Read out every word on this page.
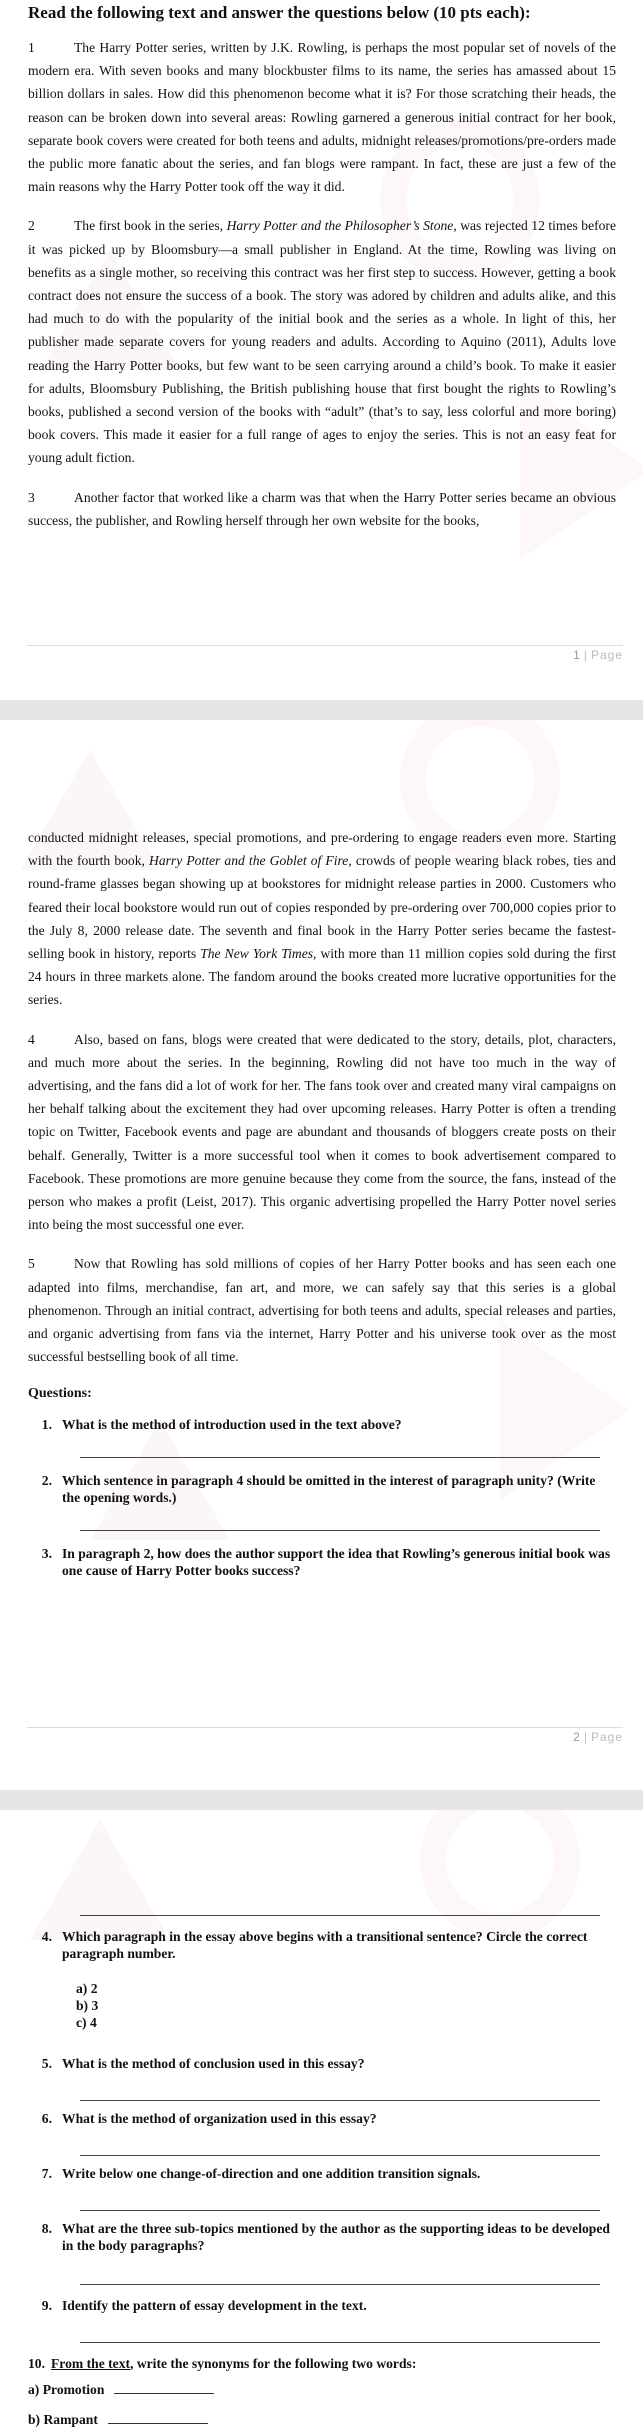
Read the following text and answer the questions below (10 pts each):
1	The Harry Potter series, written by J.K. Rowling, is perhaps the most popular set of novels of the modern era. With seven books and many blockbuster films to its name, the series has amassed about 15 billion dollars in sales. How did this phenomenon become what it is? For those scratching their heads, the reason can be broken down into several areas: Rowling garnered a generous initial contract for her book, separate book covers were created for both teens and adults, midnight releases/promotions/pre-orders made the public more fanatic about the series, and fan blogs were rampant. In fact, these are just a few of the main reasons why the Harry Potter took off the way it did.
2	The first book in the series, Harry Potter and the Philosopher’s Stone, was rejected 12 times before it was picked up by Bloomsbury—a small publisher in England. At the time, Rowling was living on benefits as a single mother, so receiving this contract was her first step to success. However, getting a book contract does not ensure the success of a book. The story was adored by children and adults alike, and this had much to do with the popularity of the initial book and the series as a whole. In light of this, her publisher made separate covers for young readers and adults. According to Aquino (2011), Adults love reading the Harry Potter books, but few want to be seen carrying around a child’s book. To make it easier for adults, Bloomsbury Publishing, the British publishing house that first bought the rights to Rowling’s books, published a second version of the books with “adult” (that’s to say, less colorful and more boring) book covers. This made it easier for a full range of ages to enjoy the series. This is not an easy feat for young adult fiction.
3	Another factor that worked like a charm was that when the Harry Potter series became an obvious success, the publisher, and Rowling herself through her own website for the books,
1 | Page
conducted midnight releases, special promotions, and pre-ordering to engage readers even more. Starting with the fourth book, Harry Potter and the Goblet of Fire, crowds of people wearing black robes, ties and round-frame glasses began showing up at bookstores for midnight release parties in 2000. Customers who feared their local bookstore would run out of copies responded by pre-ordering over 700,000 copies prior to the July 8, 2000 release date. The seventh and final book in the Harry Potter series became the fastest-selling book in history, reports The New York Times, with more than 11 million copies sold during the first 24 hours in three markets alone. The fandom around the books created more lucrative opportunities for the series.
4	Also, based on fans, blogs were created that were dedicated to the story, details, plot, characters, and much more about the series. In the beginning, Rowling did not have too much in the way of advertising, and the fans did a lot of work for her. The fans took over and created many viral campaigns on her behalf talking about the excitement they had over upcoming releases. Harry Potter is often a trending topic on Twitter, Facebook events and page are abundant and thousands of bloggers create posts on their behalf. Generally, Twitter is a more successful tool when it comes to book advertisement compared to Facebook. These promotions are more genuine because they come from the source, the fans, instead of the person who makes a profit (Leist, 2017). This organic advertising propelled the Harry Potter novel series into being the most successful one ever.
5	Now that Rowling has sold millions of copies of her Harry Potter books and has seen each one adapted into films, merchandise, fan art, and more, we can safely say that this series is a global phenomenon. Through an initial contract, advertising for both teens and adults, special releases and parties, and organic advertising from fans via the internet, Harry Potter and his universe took over as the most successful bestselling book of all time.
Questions:
1. What is the method of introduction used in the text above?
2. Which sentence in paragraph 4 should be omitted in the interest of paragraph unity? (Write the opening words.)
3. In paragraph 2, how does the author support the idea that Rowling’s generous initial book was one cause of Harry Potter books success?
2 | Page
4. Which paragraph in the essay above begins with a transitional sentence? Circle the correct paragraph number.
a) 2
b) 3
c) 4
5. What is the method of conclusion used in this essay?
6. What is the method of organization used in this essay?
7. Write below one change-of-direction and one addition transition signals.
8. What are the three sub-topics mentioned by the author as the supporting ideas to be developed in the body paragraphs?
9. Identify the pattern of essay development in the text.
10. From the text, write the synonyms for the following two words:
a) Promotion
b) Rampant
